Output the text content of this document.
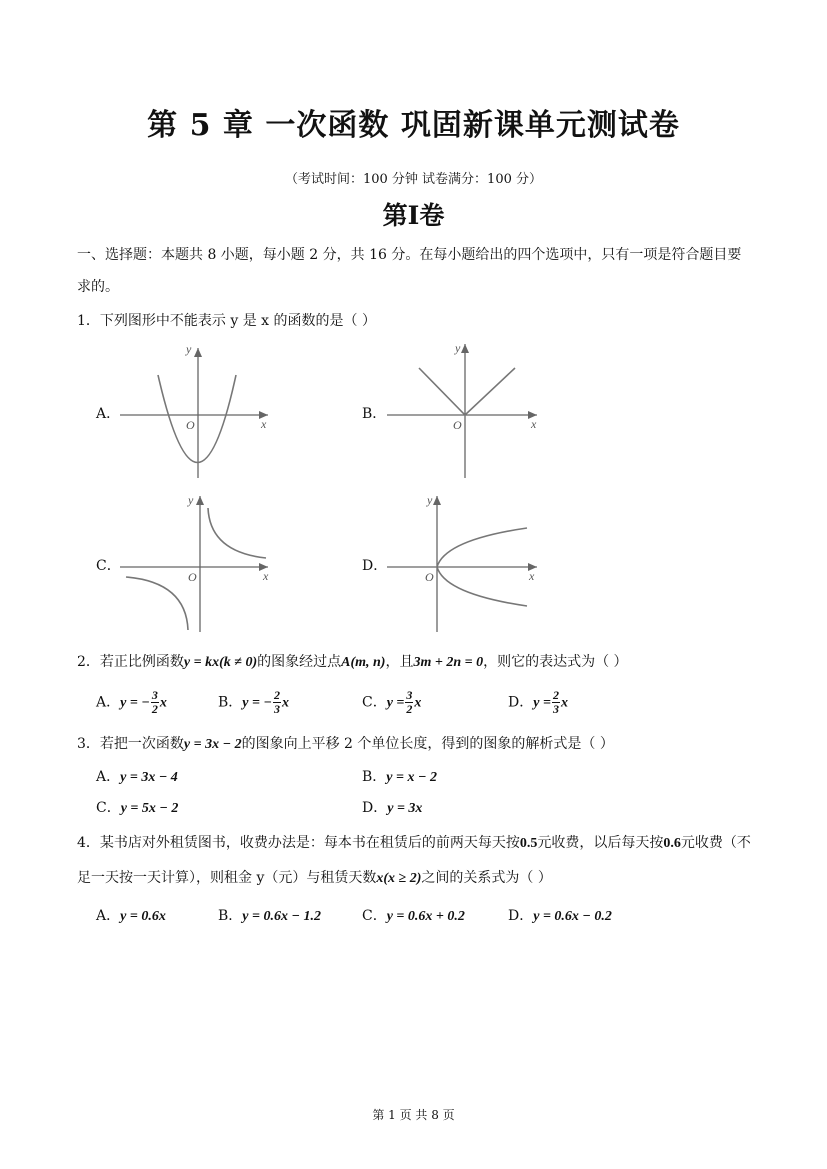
第 5 章 一次函数 巩固新课单元测试卷
（考试时间：100 分钟 试卷满分：100 分）
第Ⅰ卷
一、选择题：本题共 8 小题，每小题 2 分，共 16 分。在每小题给出的四个选项中，只有一项是符合题目要
求的。
1．下列图形中不能表示 y 是 x 的函数的是（ ）
A．	B．
C．	D．
y
x
O
y
x
O
y
x
O
y
x
O
2．若正比例函数y = kx(k ≠ 0)的图象经过点A(m, n)，且3m + 2n = 0，则它的表达式为（ ）
A．y = − $\frac{3}{2}$ x	B．y = − $\frac{2}{3}$ x	C．$y = \frac{3}{2}$ x	D．$y = \frac{2}{3}$ x
3．若把一次函数y = 3x − 2的图象向上平移 2 个单位长度，得到的图象的解析式是（ ）
A．y = 3x − 4	B．y = x − 2
C．y = 5x − 2	D．y = 3x
4．某书店对外租赁图书，收费办法是：每本书在租赁后的前两天每天按0.5元收费，以后每天按0.6元收费（不
足一天按一天计算），则租金 y（元）与租赁天数x(x ≥ 2)之间的关系式为（ ）
A．y = 0.6x	B．y = 0.6x − 1.2	C．y = 0.6x + 0.2	D．y = 0.6x − 0.2
第 1 页 共 8 页
